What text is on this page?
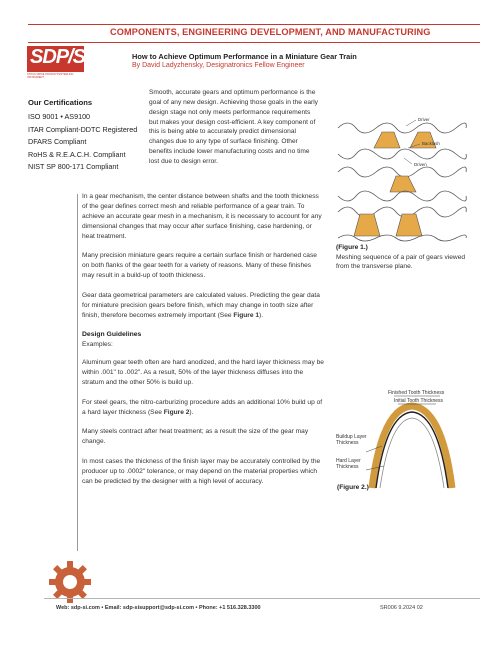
COMPONENTS, ENGINEERING DEVELOPMENT, AND MANUFACTURING
SDP/SI
STOCK DRIVE PRODUCTS/STERLING INSTRUMENT
How to Achieve Optimum Performance in a Miniature Gear Train
By David Ladyzhensky, Designatronics Fellow Engineer
Our Certifications
ISO 9001 • AS9100
ITAR Compliant-DDTC Registered
DFARS Compliant
RoHS & R.E.A.C.H. Compliant
NIST SP 800-171 Compliant
Smooth, accurate gears and optimum performance is the goal of any new design. Achieving those goals in the early design stage not only meets performance requirements but makes your design cost-efficient. A key component of this is being able to accurately predict dimensional changes due to any type of surface finishing. Other benefits include lower manufacturing costs and no time lost due to design error.
Driver
Backlash
Driven
(Figure 1.)
Meshing sequence of a pair of gears viewed from the transverse plane.

In a gear mechanism, the center distance between shafts and the tooth thickness of the gear defines correct mesh and reliable performance of a gear train. To achieve an accurate gear mesh in a mechanism, it is necessary to account for any dimensional changes that may occur after surface finishing, case hardening, or heat treatment.

Many precision miniature gears require a certain surface finish or hardened case on both flanks of the gear teeth for a variety of reasons. Many of these finishes may result in a build-up of tooth thickness.

Gear data geometrical parameters are calculated values. Predicting the gear data for miniature precision gears before finish, which may change in tooth size after finish, therefore becomes extremely important (See Figure 1).

Design Guidelines

Examples:

Aluminum gear teeth often are hard anodized, and the hard layer thickness may be within .001" to .002". As a result, 50% of the layer thickness diffuses into the stratum and the other 50% is build up.

For steel gears, the nitro-carburizing procedure adds an additional 10% build up of a hard layer thickness (See Figure 2).

Many steels contract after heat treatment; as a result the size of the gear may change.

In most cases the thickness of the finish layer may be accurately controlled by the producer up to .0002" tolerance, or may depend on the material properties which can be predicted by the designer with a high level of accuracy.

Finished Tooth Thickness
Initial Tooth Thickness
Buildup Layer Thickness
Hard Layer Thickness
(Figure 2.)
Web: sdp-si.com • Email: sdp-sisupport@sdp-si.com • Phone: +1 516.328.3300	SR006 9.2024 02
